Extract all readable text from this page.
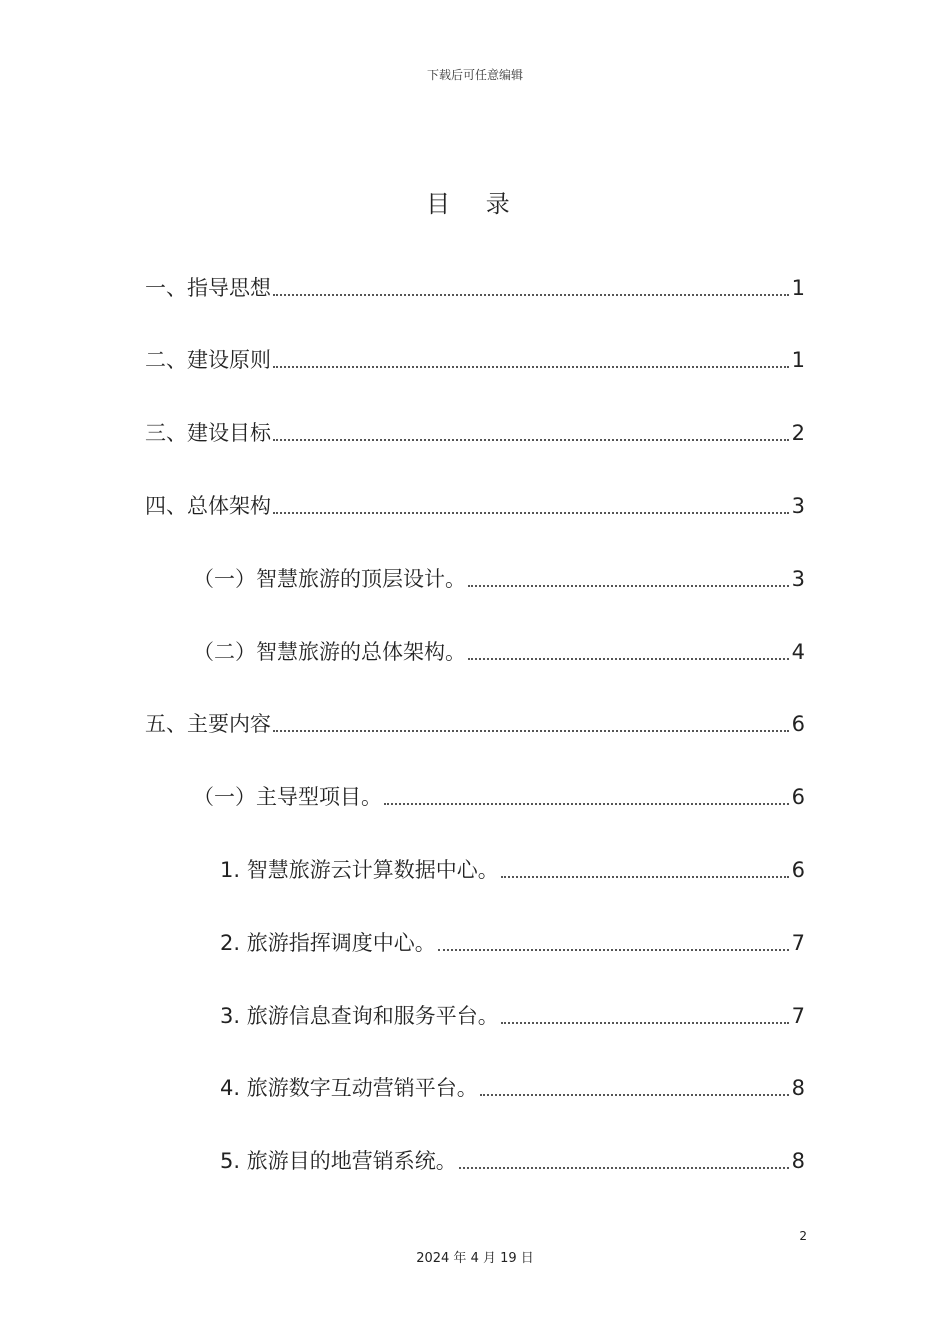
下载后可任意编辑
目 录
一、指导思想	1
二、建设原则	1
三、建设目标	2
四、总体架构	3
（一）智慧旅游的顶层设计。	3
（二）智慧旅游的总体架构。	4
五、主要内容	6
（一）主导型项目。	6
1. 智慧旅游云计算数据中心。	6
2. 旅游指挥调度中心。	7
3. 旅游信息查询和服务平台。	7
4. 旅游数字互动营销平台。	8
5. 旅游目的地营销系统。	8
2
2024 年 4 月 19 日
